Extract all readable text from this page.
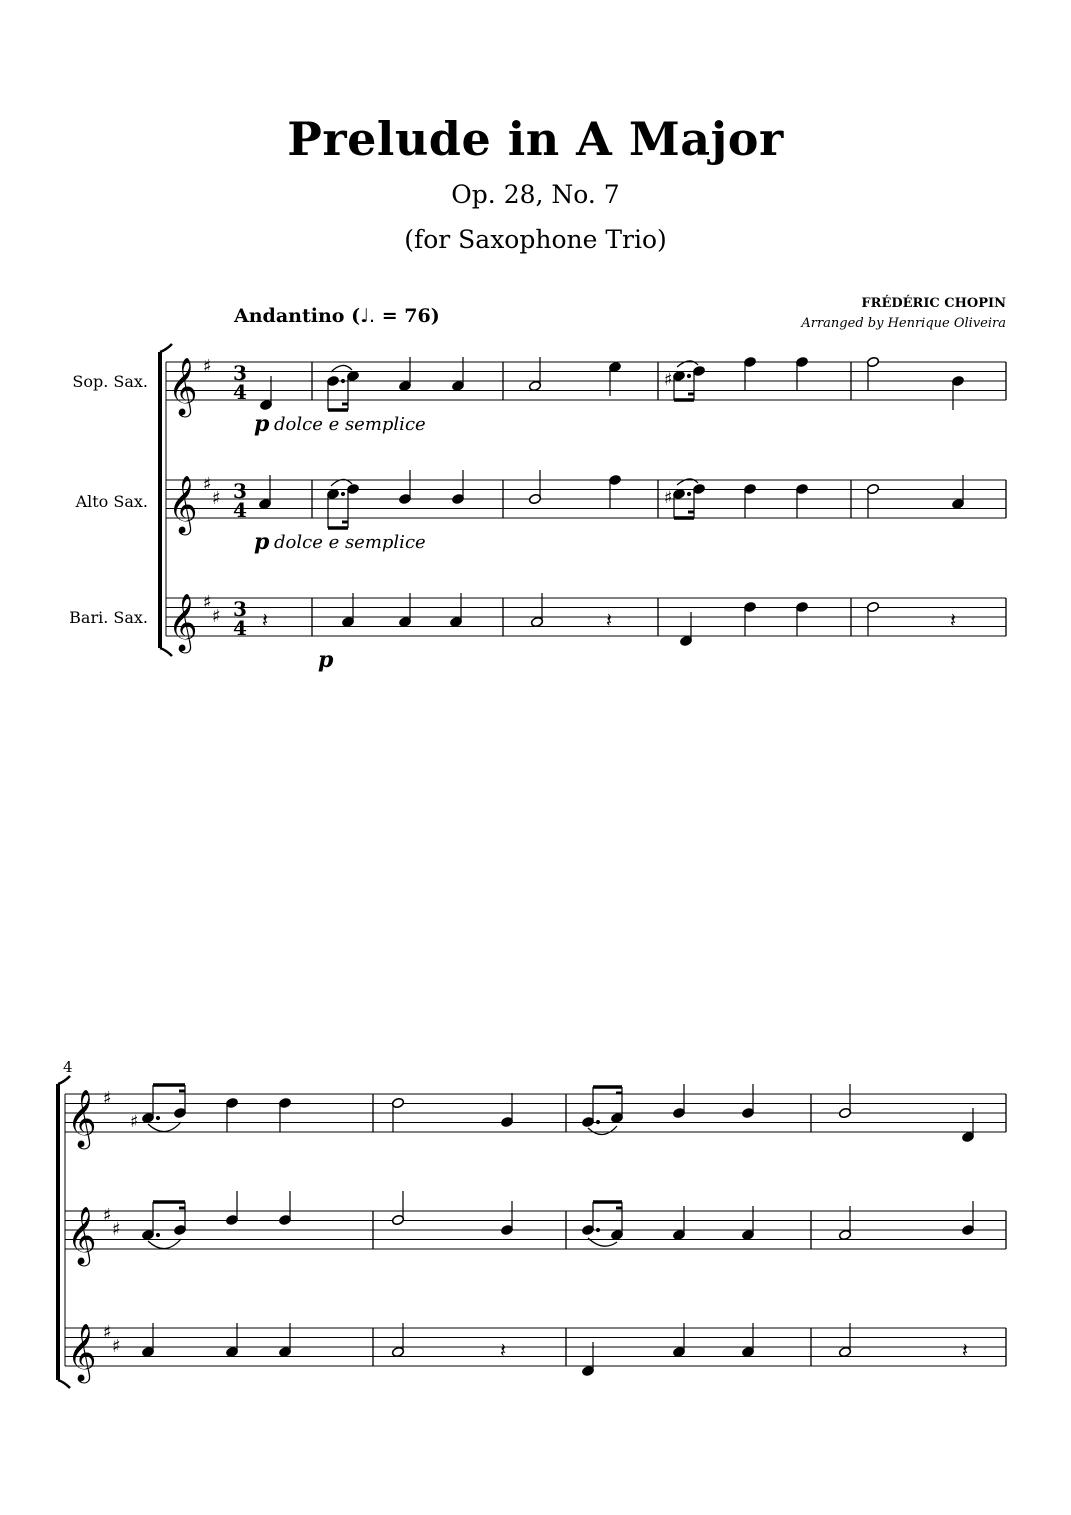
Prelude in A Major
Op. 28, No. 7
(for Saxophone Trio)
FRÉDÉRIC CHOPIN
Arranged by Henrique Oliveira
Andantino (♩. = 76)
Sop. Sax.
Alto Sax.
Bari. Sax.
𝄞
𝄞
𝄞
♯
♯
♯
♯
♯
3
4
3
4
3
4
♯
♯
𝄽	𝄽	𝄽
p dolce e semplice
p dolce e semplice
p
4
𝄞
𝄞
𝄞
♯
♯
♯
♯
♯
♯
𝄽	𝄽
